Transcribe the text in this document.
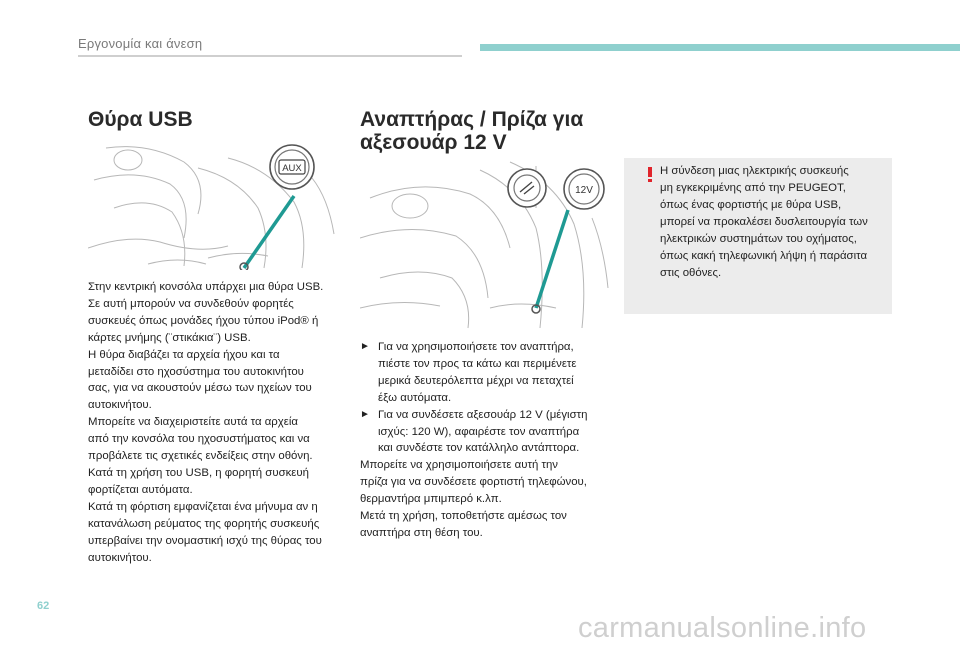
Εργονομία και άνεση
Θύρα USB
AUX

Στην κεντρική κονσόλα υπάρχει μια θύρα USB.

Σε αυτή μπορούν να συνδεθούν φορητές

συσκευές όπως μονάδες ήχου τύπου iPod® ή

κάρτες μνήμης (¨στικάκια¨) USB.

Η θύρα διαβάζει τα αρχεία ήχου και τα

μεταδίδει στο ηχοσύστημα του αυτοκινήτου

σας, για να ακουστούν μέσω των ηχείων του

αυτοκινήτου.

Μπορείτε να διαχειριστείτε αυτά τα αρχεία

από την κονσόλα του ηχοσυστήματος και να

προβάλετε τις σχετικές ενδείξεις στην οθόνη.

Κατά τη χρήση του USB, η φορητή συσκευή

φορτίζεται αυτόματα.

Κατά τη φόρτιση εμφανίζεται ένα μήνυμα αν η

κατανάλωση ρεύματος της φορητής συσκευής

υπερβαίνει την ονομαστική ισχύ της θύρας του

αυτοκινήτου.

Αναπτήρας / Πρίζα για
αξεσουάρ 12 V
12V
► Για να χρησιμοποιήσετε τον αναπτήρα,

πιέστε τον προς τα κάτω και περιμένετε

μερικά δευτερόλεπτα μέχρι να πεταχτεί

έξω αυτόματα.

► Για να συνδέσετε αξεσουάρ 12 V (μέγιστη

ισχύς: 120 W), αφαιρέστε τον αναπτήρα

και συνδέστε τον κατάλληλο αντάπτορα.

Μπορείτε να χρησιμοποιήσετε αυτή την

πρίζα για να συνδέσετε φορτιστή τηλεφώνου,

θερμαντήρα μπιμπερό κ.λπ.

Μετά τη χρήση, τοποθετήστε αμέσως τον

αναπτήρα στη θέση του.

Η σύνδεση μιας ηλεκτρικής συσκευής
μη εγκεκριμένης από την PEUGEOT,
όπως ένας φορτιστής με θύρα USB,
μπορεί να προκαλέσει δυσλειτουργία των
ηλεκτρικών συστημάτων του οχήματος,
όπως κακή τηλεφωνική λήψη ή παράσιτα
στις οθόνες.
62
carmanualsonline.info
